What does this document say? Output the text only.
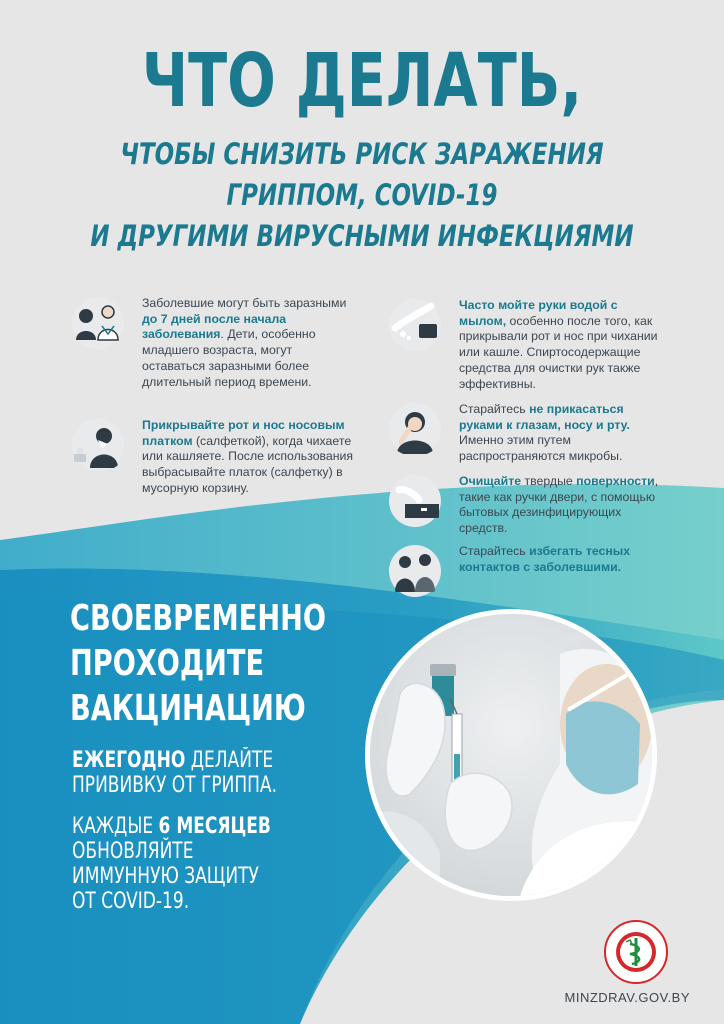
ЧТО ДЕЛАТЬ,
ЧТОБЫ СНИЗИТЬ РИСК ЗАРАЖЕНИЯ
ГРИППОМ, COVID-19
И ДРУГИМИ ВИРУСНЫМИ ИНФЕКЦИЯМИ
Заболевшие могут быть заразными до 7 дней после начала заболевания. Дети, особенно младшего возраста, могут оставаться заразными более длительный период времени.
Прикрывайте рот и нос носовым платком (салфеткой), когда чихаете или кашляете. После использования выбрасывайте платок (салфетку) в мусорную корзину.
Часто мойте руки водой с мылом, особенно после того, как прикрывали рот и нос при чихании или кашле. Спиртосодержащие средства для очистки рук также эффективны.
Старайтесь не прикасаться руками к глазам, носу и рту. Именно этим путем распространяются микробы.
Очищайте твердые поверхности, такие как ручки двери, с помощью бытовых дезинфицирующих средств.
Старайтесь избегать тесных контактов с заболевшими.
СВОЕВРЕМЕННО
ПРОХОДИТЕ
ВАКЦИНАЦИЮ
ЕЖЕГОДНО ДЕЛАЙТЕ
ПРИВИВКУ ОТ ГРИППА.
КАЖДЫЕ 6 МЕСЯЦЕВ
ОБНОВЛЯЙТЕ
ИММУННУЮ ЗАЩИТУ
ОТ COVID-19.
MINZDRAV.GOV.BY
